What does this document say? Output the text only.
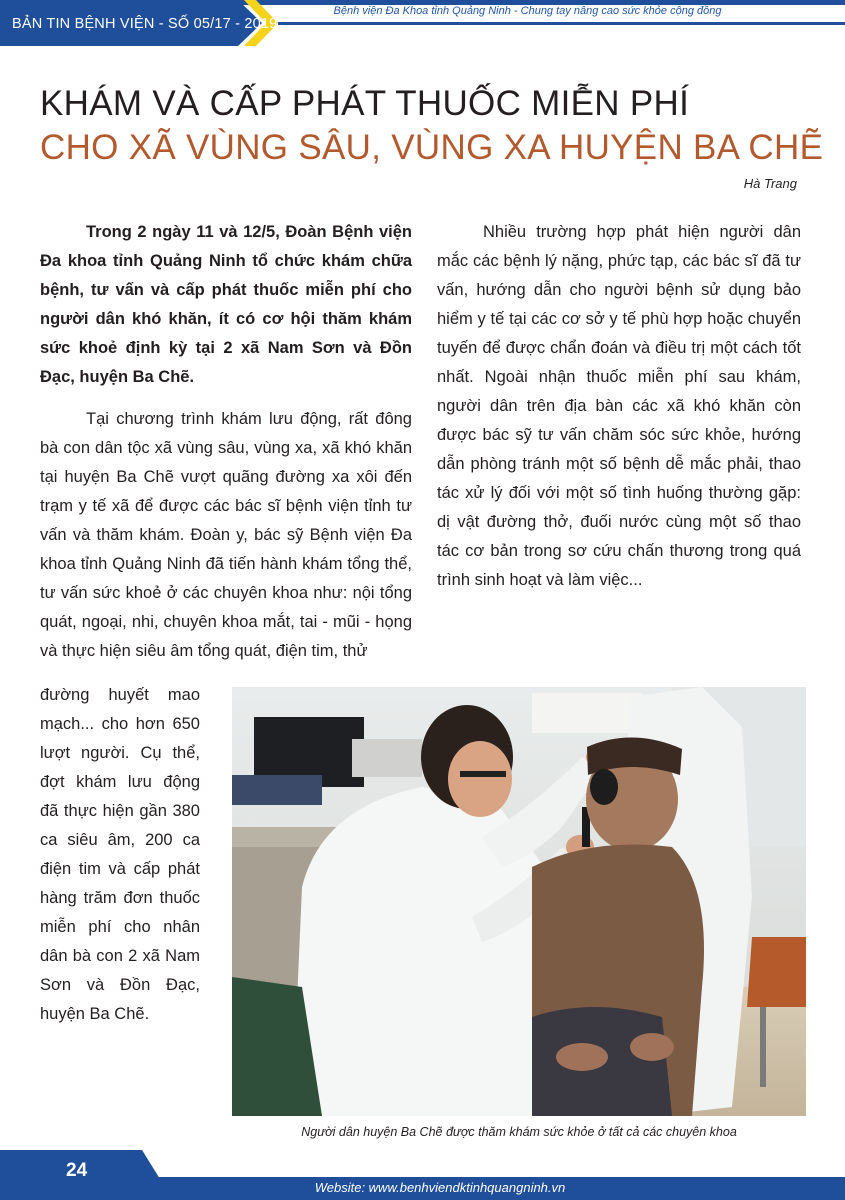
BẢN TIN BỆNH VIỆN - SỐ 05/17 - 2019
Bệnh viện Đa Khoa tỉnh Quảng Ninh - Chung tay nâng cao sức khỏe cộng đồng
KHÁM VÀ CẤP PHÁT THUỐC MIỄN PHÍ
CHO XÃ VÙNG SÂU, VÙNG XA HUYỆN BA CHẼ
Hà Trang

Trong 2 ngày 11 và 12/5, Đoàn Bệnh viện Đa khoa tỉnh Quảng Ninh tổ chức khám chữa bệnh, tư vấn và cấp phát thuốc miễn phí cho người dân khó khăn, ít có cơ hội thăm khám sức khoẻ định kỳ tại 2 xã Nam Sơn và Đồn Đạc, huyện Ba Chẽ.

Tại chương trình khám lưu động, rất đông bà con dân tộc xã vùng sâu, vùng xa, xã khó khăn tại huyện Ba Chẽ vượt quãng đường xa xôi đến trạm y tế xã để được các bác sĩ bệnh viện tỉnh tư vấn và thăm khám. Đoàn y, bác sỹ Bệnh viện Đa khoa tỉnh Quảng Ninh đã tiến hành khám tổng thể, tư vấn sức khoẻ ở các chuyên khoa như: nội tổng quát, ngoại, nhi, chuyên khoa mắt, tai - mũi - họng và thực hiện siêu âm tổng quát, điện tim, thử

đường huyết mao mạch... cho hơn 650 lượt người. Cụ thể, đợt khám lưu động đã thực hiện gần 380 ca siêu âm, 200 ca điện tim và cấp phát hàng trăm đơn thuốc miễn phí cho nhân dân bà con 2 xã Nam Sơn và Đồn Đạc, huyện Ba Chẽ.

Nhiều trường hợp phát hiện người dân mắc các bệnh lý nặng, phức tạp, các bác sĩ đã tư vấn, hướng dẫn cho người bệnh sử dụng bảo hiểm y tế tại các cơ sở y tế phù hợp hoặc chuyển tuyến để được chẩn đoán và điều trị một cách tốt nhất. Ngoài nhận thuốc miễn phí sau khám, người dân trên địa bàn các xã khó khăn còn được bác sỹ tư vấn chăm sóc sức khỏe, hướng dẫn phòng tránh một số bệnh dễ mắc phải, thao tác xử lý đối với một số tình huống thường gặp: dị vật đường thở, đuối nước cùng một số thao tác cơ bản trong sơ cứu chấn thương trong quá trình sinh hoạt và làm việc...

Người dân huyện Ba Chẽ được thăm khám sức khỏe ở tất cả các chuyên khoa
24
Website: www.benhviendktinhquangninh.vn
